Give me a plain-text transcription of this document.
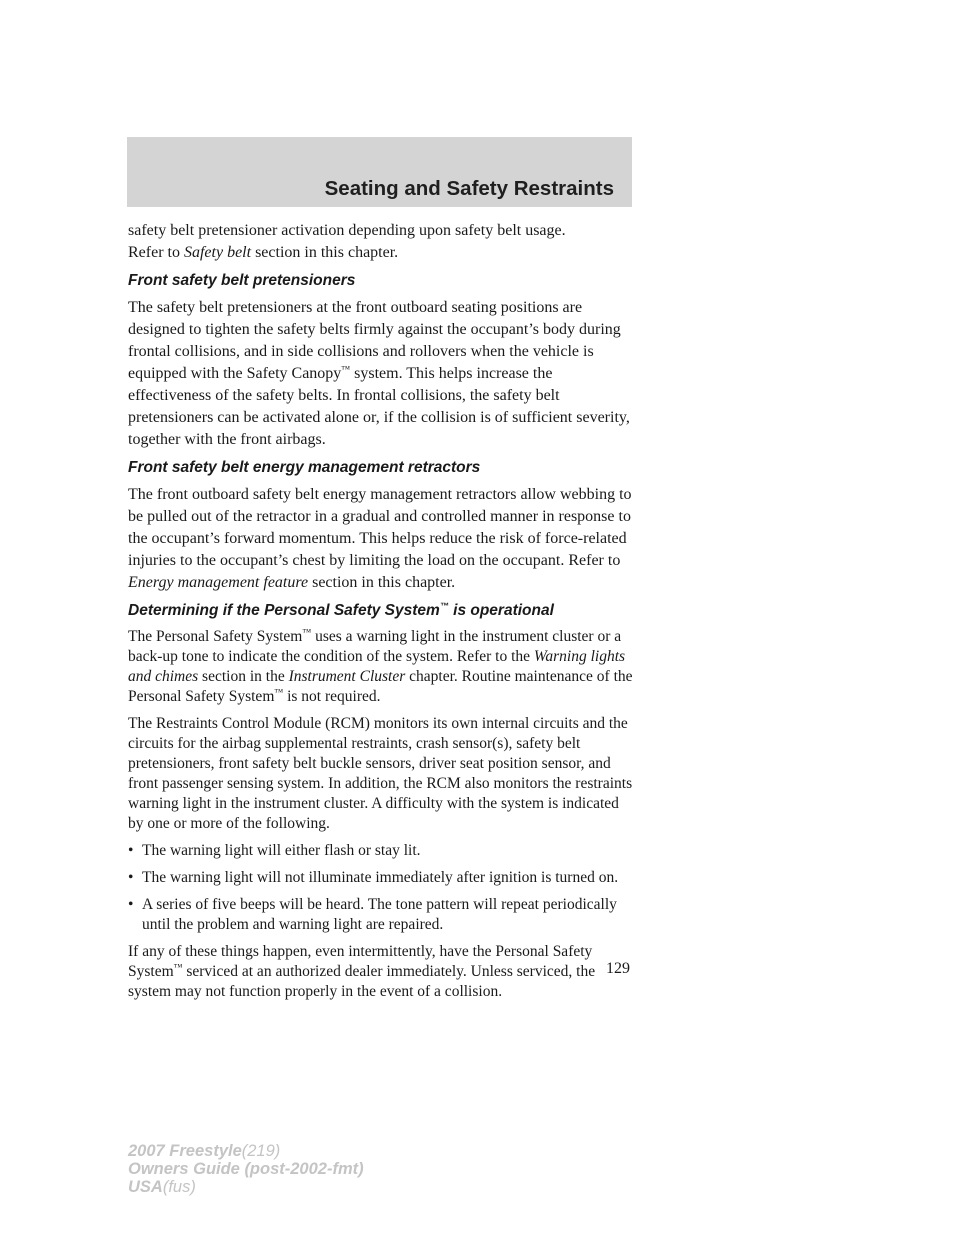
Seating and Safety Restraints

safety belt pretensioner activation depending upon safety belt usage.
Refer to Safety belt section in this chapter.

Front safety belt pretensioners

The safety belt pretensioners at the front outboard seating positions are designed to tighten the safety belts firmly against the occupant’s body during frontal collisions, and in side collisions and rollovers when the vehicle is equipped with the Safety Canopy™ system. This helps increase the effectiveness of the safety belts. In frontal collisions, the safety belt pretensioners can be activated alone or, if the collision is of sufficient severity, together with the front airbags.

Front safety belt energy management retractors

The front outboard safety belt energy management retractors allow webbing to be pulled out of the retractor in a gradual and controlled manner in response to the occupant’s forward momentum. This helps reduce the risk of force-related injuries to the occupant’s chest by limiting the load on the occupant. Refer to Energy management feature section in this chapter.

Determining if the Personal Safety System™ is operational

The Personal Safety System™ uses a warning light in the instrument cluster or a back-up tone to indicate the condition of the system. Refer to the Warning lights and chimes section in the Instrument Cluster chapter. Routine maintenance of the Personal Safety System™ is not required.

The Restraints Control Module (RCM) monitors its own internal circuits and the circuits for the airbag supplemental restraints, crash sensor(s), safety belt pretensioners, front safety belt buckle sensors, driver seat position sensor, and front passenger sensing system. In addition, the RCM also monitors the restraints warning light in the instrument cluster. A difficulty with the system is indicated by one or more of the following.

• The warning light will either flash or stay lit.
• The warning light will not illuminate immediately after ignition is turned on.
• A series of five beeps will be heard. The tone pattern will repeat periodically until the problem and warning light are repaired.

If any of these things happen, even intermittently, have the Personal Safety System™ serviced at an authorized dealer immediately. Unless serviced, the system may not function properly in the event of a collision.

129
2007 Freestyle(219)
Owners Guide (post-2002-fmt)
USA(fus)
